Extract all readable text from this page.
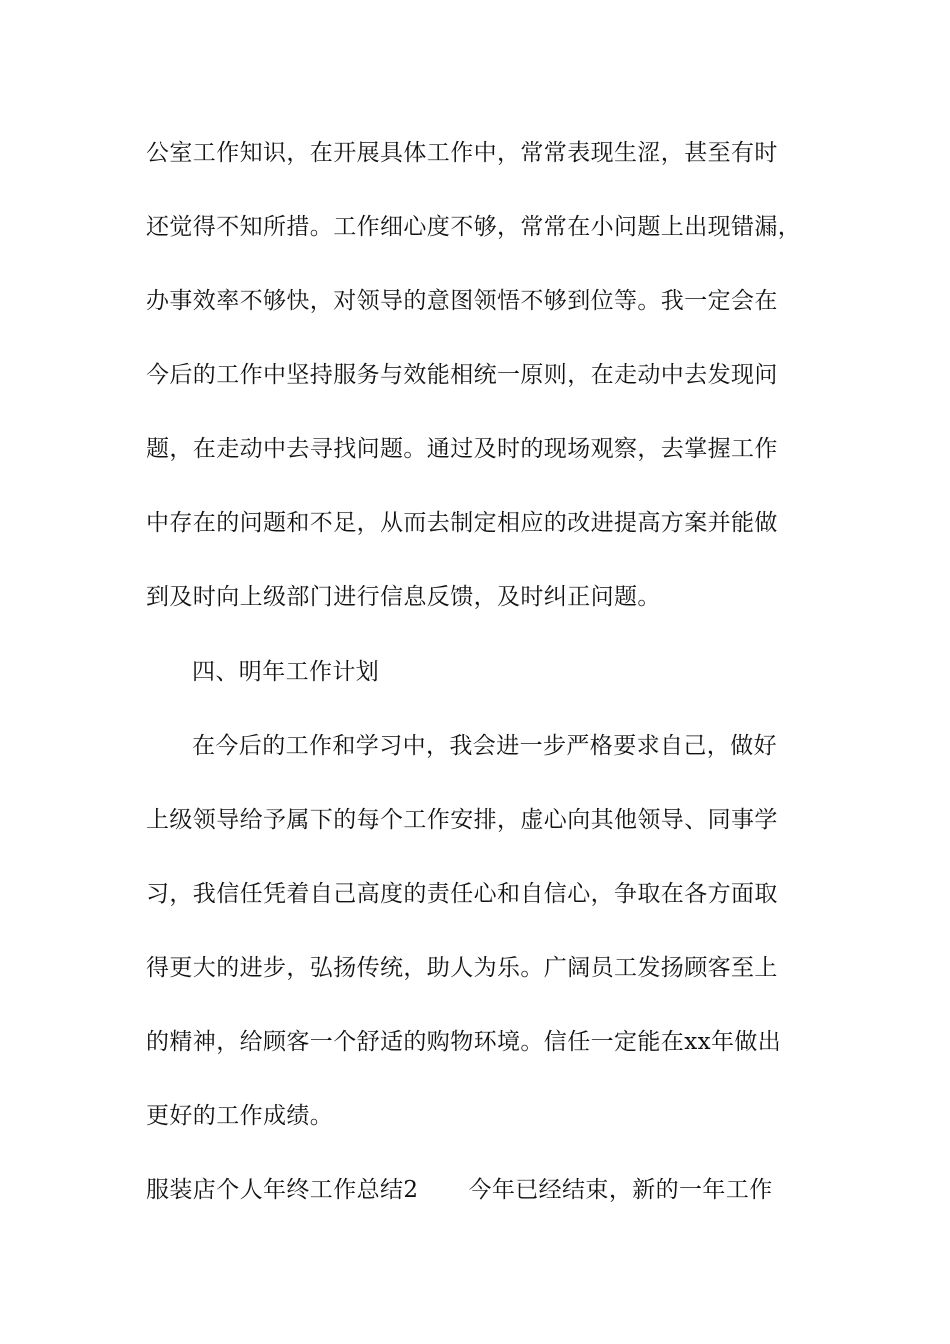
公室工作知识，在开展具体工作中，常常表现生涩，甚至有时
还觉得不知所措。工作细心度不够，常常在小问题上出现错漏，
办事效率不够快，对领导的意图领悟不够到位等。我一定会在
今后的工作中坚持服务与效能相统一原则，在走动中去发现问
题，在走动中去寻找问题。通过及时的现场观察，去掌握工作
中存在的问题和不足，从而去制定相应的改进提高方案并能做
到及时向上级部门进行信息反馈，及时纠正问题。
四、明年工作计划
在今后的工作和学习中，我会进一步严格要求自己，做好
上级领导给予属下的每个工作安排，虚心向其他领导、同事学
习，我信任凭着自己高度的责任心和自信心，争取在各方面取
得更大的进步，弘扬传统，助人为乐。广阔员工发扬顾客至上
的精神，给顾客一个舒适的购物环境。信任一定能在xx年做出
更好的工作成绩。
服装店个人年终工作总结2 今年已经结束，新的一年工作
